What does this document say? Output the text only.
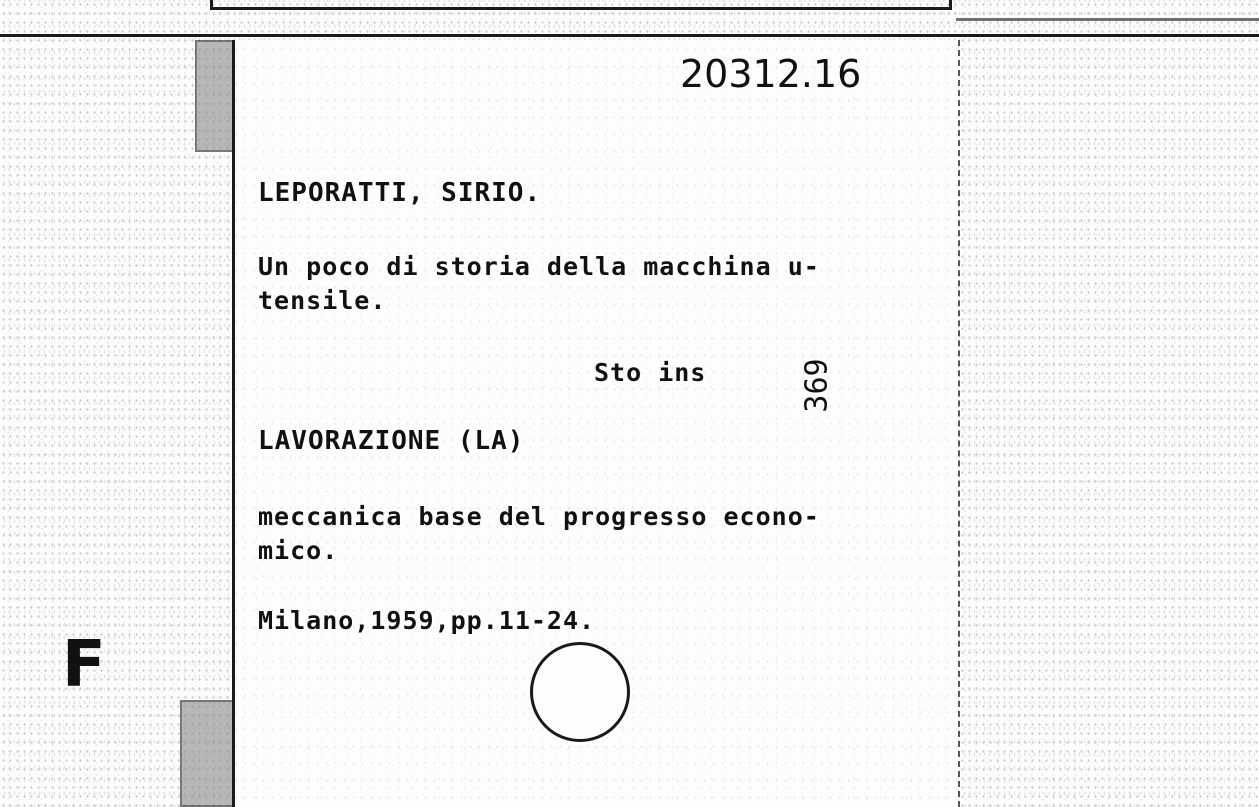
20312.16
LEPORATTI, SIRIO.
Un poco di storia della macchina u-
tensile.
Sto ins	369
LAVORAZIONE (LA)
meccanica base del progresso econo-
mico.
Milano,1959,pp.11-24.
F
